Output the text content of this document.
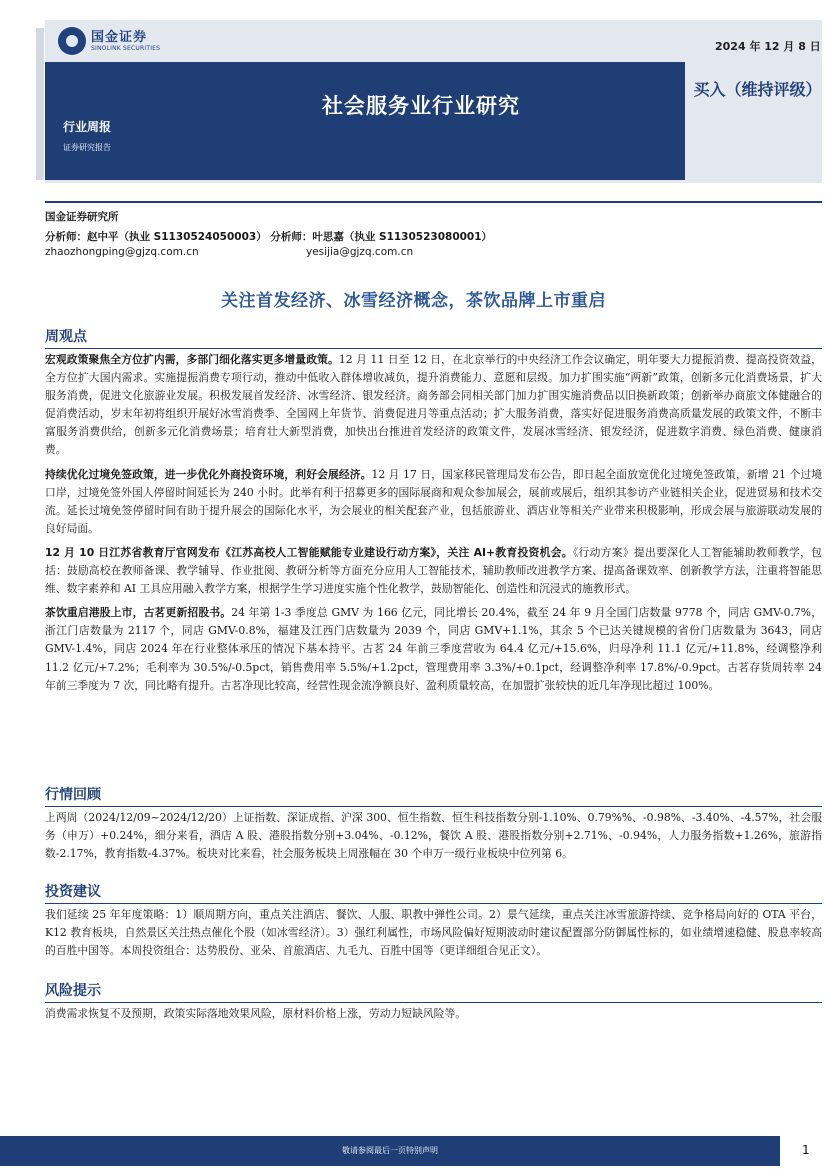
国金证券
SINOLINK SECURITIES	2024 年 12 月 8 日
买入（维持评级）
社会服务业行业研究
行业周报
证券研究报告
国金证券研究所
分析师：赵中平（执业 S1130524050003） 分析师：叶思嘉（执业 S1130523080001）
zhaozhongping@gjzq.com.cn	yesijia@gjzq.com.cn
关注首发经济、冰雪经济概念，茶饮品牌上市重启
周观点

宏观政策聚焦全方位扩内需，多部门细化落实更多增量政策。12 月 11 日至 12 日，在北京举行的中央经济工作会议确定，明年要大力提振消费、提高投资效益，全方位扩大国内需求。实施提振消费专项行动，推动中低收入群体增收减负，提升消费能力、意愿和层级。加力扩围实施“两新”政策，创新多元化消费场景，扩大服务消费，促进文化旅游业发展。积极发展首发经济、冰雪经济、银发经济。商务部会同相关部门加力扩围实施消费品以旧换新政策；创新举办商旅文体健融合的促消费活动，岁末年初将组织开展好冰雪消费季、全国网上年货节、消费促进月等重点活动；扩大服务消费，落实好促进服务消费高质量发展的政策文件，不断丰富服务消费供给，创新多元化消费场景；培育壮大新型消费，加快出台推进首发经济的政策文件，发展冰雪经济、银发经济，促进数字消费、绿色消费、健康消费。

持续优化过境免签政策，进一步优化外商投资环境，利好会展经济。12 月 17 日，国家移民管理局发布公告，即日起全面放宽优化过境免签政策，新增 21 个过境口岸，过境免签外国人停留时间延长为 240 小时。此举有利于招募更多的国际展商和观众参加展会，展前或展后，组织其参访产业链相关企业，促进贸易和技术交流。延长过境免签停留时间有助于提升展会的国际化水平，为会展业的相关配套产业，包括旅游业、酒店业等相关产业带来积极影响，形成会展与旅游联动发展的良好局面。

12 月 10 日江苏省教育厅官网发布《江苏高校人工智能赋能专业建设行动方案》，关注 AI+教育投资机会。《行动方案》提出要深化人工智能辅助教师教学，包括：鼓励高校在教师备课、教学辅导、作业批阅、教研分析等方面充分应用人工智能技术，辅助教师改进教学方案、提高备课效率、创新教学方法，注重将智能思维、数字素养和 AI 工具应用融入教学方案，根据学生学习进度实施个性化教学，鼓励智能化、创造性和沉浸式的施教形式。

茶饮重启港股上市，古茗更新招股书。24 年第 1-3 季度总 GMV 为 166 亿元，同比增长 20.4%，截至 24 年 9 月全国门店数量 9778 个，同店 GMV-0.7%，浙江门店数量为 2117 个，同店 GMV-0.8%，福建及江西门店数量为 2039 个，同店 GMV+1.1%，其余 5 个已达关键规模的省份门店数量为 3643，同店 GMV-1.4%，同店 2024 年在行业整体承压的情况下基本持平。古茗 24 年前三季度营收为 64.4 亿元/+15.6%，归母净利 11.1 亿元/+11.8%，经调整净利 11.2 亿元/+7.2%；毛利率为 30.5%/-0.5pct，销售费用率 5.5%/+1.2pct，管理费用率 3.3%/+0.1pct，经调整净利率 17.8%/-0.9pct。古茗存货周转率 24 年前三季度为 7 次，同比略有提升。古茗净现比较高，经营性现金流净额良好、盈利质量较高，在加盟扩张较快的近几年净现比超过 100%。

行情回顾

上两周（2024/12/09~2024/12/20）上证指数、深证成指、沪深 300、恒生指数、恒生科技指数分别-1.10%、0.79%%、-0.98%、-3.40%、-4.57%，社会服务（申万）+0.24%，细分来看，酒店 A 股、港股指数分别+3.04%、-0.12%，餐饮 A 股、港股指数分别+2.71%、-0.94%，人力服务指数+1.26%，旅游指数-2.17%，教育指数-4.37%。板块对比来看，社会服务板块上周涨幅在 30 个申万一级行业板块中位列第 6。

投资建议

我们延续 25 年年度策略：1）顺周期方向，重点关注酒店、餐饮、人服、职教中弹性公司。2）景气延续，重点关注冰雪旅游持续、竞争格局向好的 OTA 平台，K12 教育板块，自然景区关注热点催化个股（如冰雪经济）。3）强红利属性，市场风险偏好短期波动时建议配置部分防御属性标的，如业绩增速稳健、股息率较高的百胜中国等。本周投资组合：达势股份、亚朵、首旅酒店、九毛九、百胜中国等（更详细组合见正文）。

风险提示

消费需求恢复不及预期，政策实际落地效果风险，原材料价格上涨，劳动力短缺风险等。

敬请参阅最后一页特别声明	1
